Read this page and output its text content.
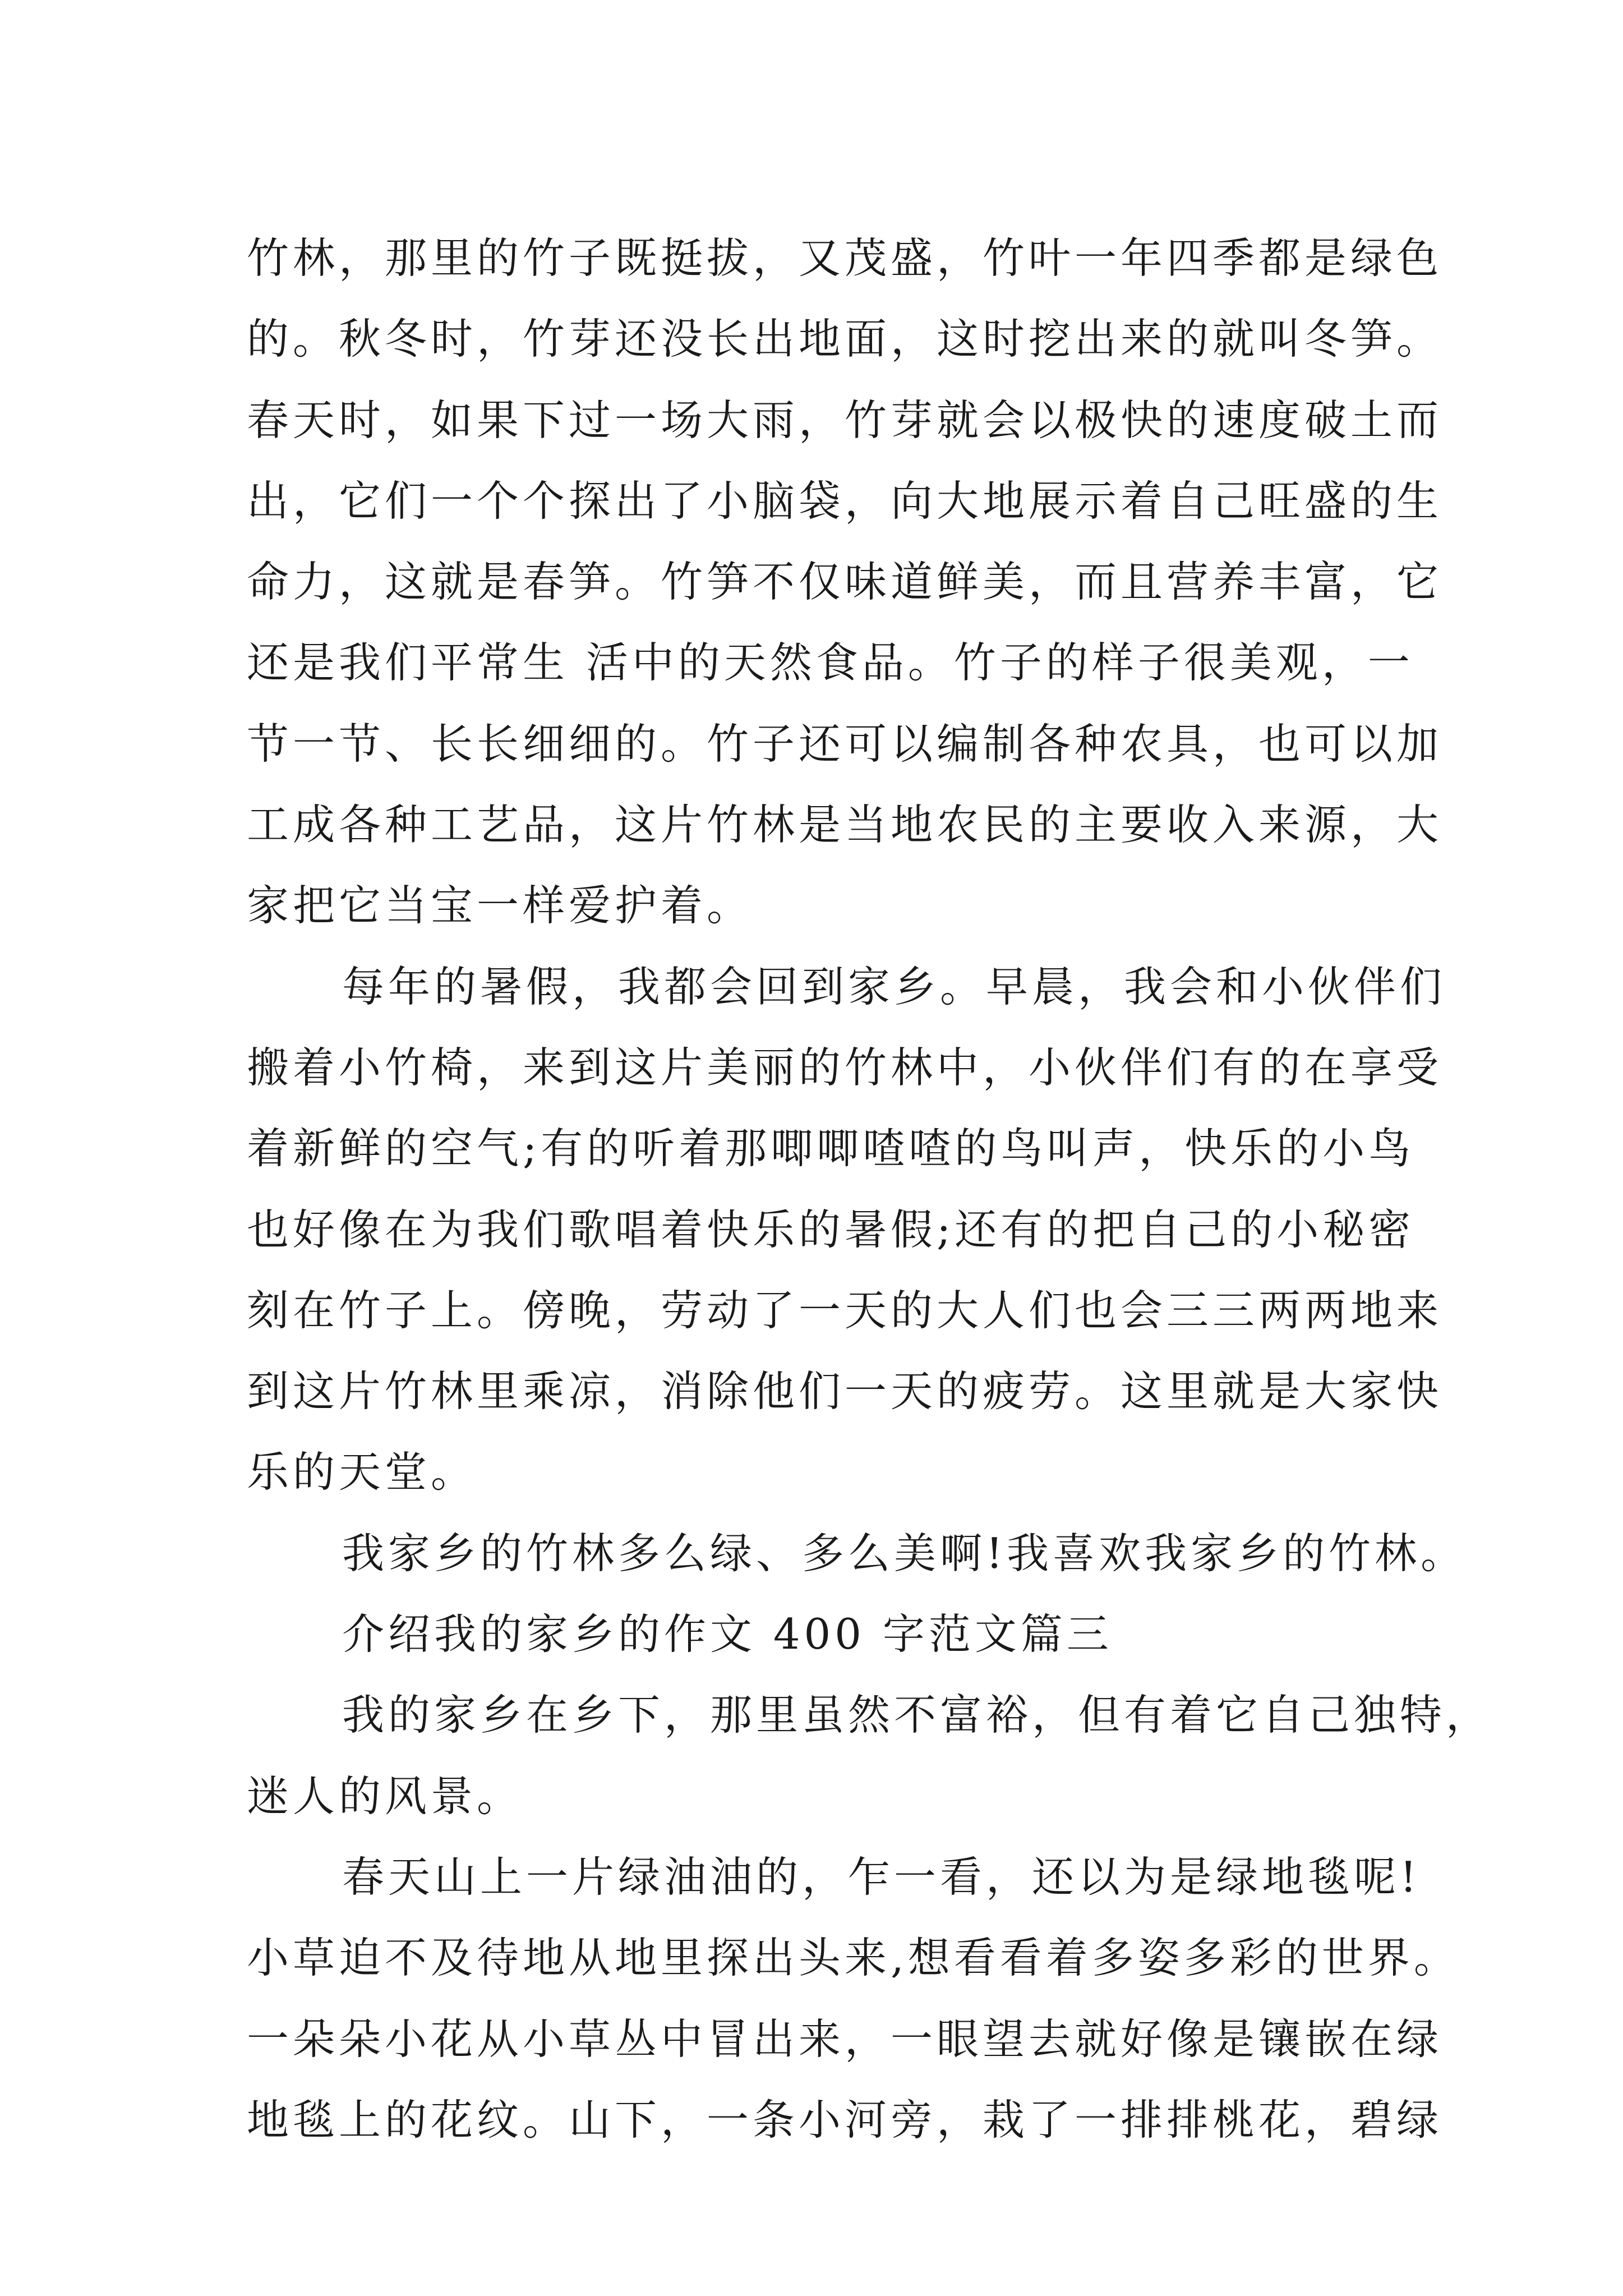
竹林，那里的竹子既挺拔，又茂盛，竹叶一年四季都是绿色
的。秋冬时，竹芽还没长出地面，这时挖出来的就叫冬笋。
春天时，如果下过一场大雨，竹芽就会以极快的速度破土而
出，它们一个个探出了小脑袋，向大地展示着自己旺盛的生
命力，这就是春笋。竹笋不仅味道鲜美，而且营养丰富，它
还是我们平常生 活中的天然食品。竹子的样子很美观，一
节一节、长长细细的。竹子还可以编制各种农具，也可以加
工成各种工艺品，这片竹林是当地农民的主要收入来源，大
家把它当宝一样爱护着。
每年的暑假，我都会回到家乡。早晨，我会和小伙伴们
搬着小竹椅，来到这片美丽的竹林中，小伙伴们有的在享受
着新鲜的空气;有的听着那唧唧喳喳的鸟叫声，快乐的小鸟
也好像在为我们歌唱着快乐的暑假;还有的把自己的小秘密
刻在竹子上。傍晚，劳动了一天的大人们也会三三两两地来
到这片竹林里乘凉，消除他们一天的疲劳。这里就是大家快
乐的天堂。
我家乡的竹林多么绿、多么美啊!我喜欢我家乡的竹林。
介绍我的家乡的作文 400 字范文篇三
我的家乡在乡下，那里虽然不富裕，但有着它自己独特，
迷人的风景。
春天山上一片绿油油的，乍一看，还以为是绿地毯呢!
小草迫不及待地从地里探出头来,想看看着多姿多彩的世界。
一朵朵小花从小草丛中冒出来，一眼望去就好像是镶嵌在绿
地毯上的花纹。山下，一条小河旁，栽了一排排桃花，碧绿
